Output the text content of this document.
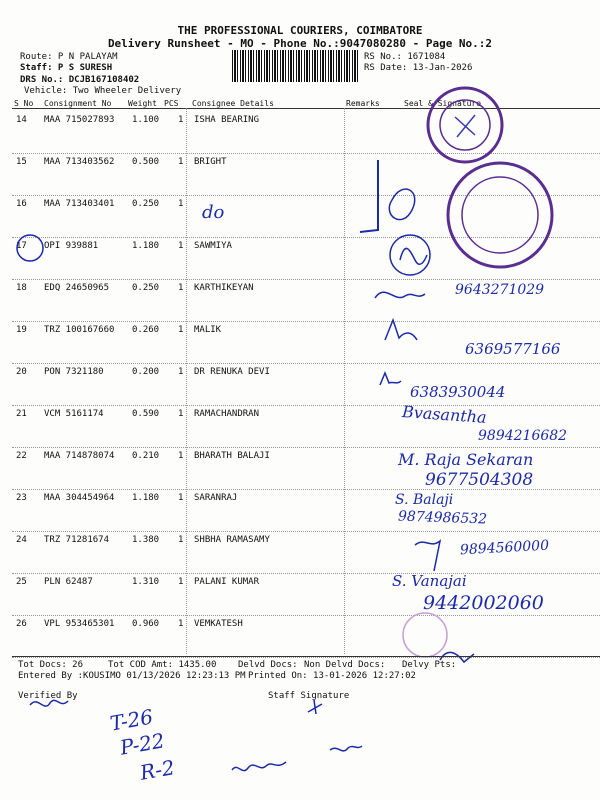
THE PROFESSIONAL COURIERS, COIMBATORE
Delivery Runsheet - MO - Phone No.:9047080280 - Page No.:2
Route: P N PALAYAM
Staff: P S SURESH
DRS No.: DCJB167108402
Vehicle: Two Wheeler Delivery
RS No.: 1671084
RS Date: 13-Jan-2026
S No Consignment No Weight PCS Consignee Details	Remarks	Seal & Signature
14 MAA 715027893 1.100 1 ISHA BEARING
15 MAA 713403562 0.500 1 BRIGHT
16 MAA 713403401 0.250 1
17 OPI 939881	1.180 1 SAWMIYA
18 EDQ 24650965	0.250 1 KARTHIKEYAN
19 TRZ 100167660 0.260 1 MALIK
20 PON 7321180	0.200 1 DR RENUKA DEVI
21 VCM 5161174	0.590 1 RAMACHANDRAN
22 MAA 714878074 0.210 1 BHARATH BALAJI
23 MAA 304454964 1.180 1 SARANRAJ
24 TRZ 71281674	1.380 1 SHBHA RAMASAMY
25 PLN 62487	1.310 1 PALANI KUMAR
26 VPL 953465301 0.960 1 VEMKATESH
do
9643271029
6369577166
6383930044
Bvasantha
9894216682
M. Raja Sekaran
9677504308
S. Balaji
9874986532
9894560000
S. Vanajai
9442002060
T-26
P-22
R-2
Tot Docs: 26	Tot COD Amt: 1435.00 Delvd Docs: Non Delvd Docs: Delvy Pts:
Entered By :KOUSIMO 01/13/2026 12:23:13 PM Printed On: 13-01-2026 12:27:02
Verified By	Staff Signature
